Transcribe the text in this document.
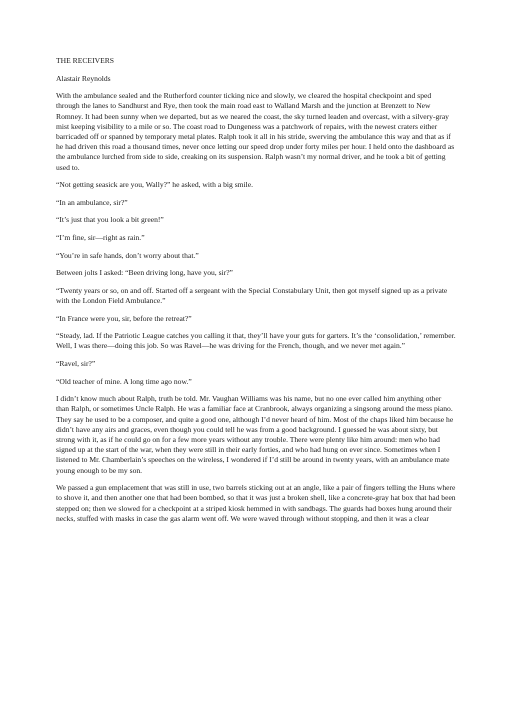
THE RECEIVERS

Alastair Reynolds

With the ambulance sealed and the Rutherford counter ticking nice and slowly, we cleared the hospital checkpoint and sped through the lanes to Sandhurst and Rye, then took the main road east to Walland Marsh and the junction at Brenzett to New Romney. It had been sunny when we departed, but as we neared the coast, the sky turned leaden and overcast, with a silvery-gray mist keeping visibility to a mile or so. The coast road to Dungeness was a patchwork of repairs, with the newest craters either barricaded off or spanned by temporary metal plates. Ralph took it all in his stride, swerving the ambulance this way and that as if he had driven this road a thousand times, never once letting our speed drop under forty miles per hour. I held onto the dashboard as the ambulance lurched from side to side, creaking on its suspension. Ralph wasn’t my normal driver, and he took a bit of getting used to.

“Not getting seasick are you, Wally?” he asked, with a big smile.

“In an ambulance, sir?”

“It’s just that you look a bit green!”

“I’m fine, sir—right as rain.”

“You’re in safe hands, don’t worry about that.”

Between jolts I asked: “Been driving long, have you, sir?”

“Twenty years or so, on and off. Started off a sergeant with the Special Constabulary Unit, then got myself signed up as a private with the London Field Ambulance.”

“In France were you, sir, before the retreat?”

“Steady, lad. If the Patriotic League catches you calling it that, they’ll have your guts for garters. It’s the ‘consolidation,’ remember. Well, I was there—doing this job. So was Ravel—he was driving for the French, though, and we never met again.”

“Ravel, sir?”

“Old teacher of mine. A long time ago now.”

I didn’t know much about Ralph, truth be told. Mr. Vaughan Williams was his name, but no one ever called him anything other than Ralph, or sometimes Uncle Ralph. He was a familiar face at Cranbrook, always organizing a singsong around the mess piano. They say he used to be a composer, and quite a good one, although I’d never heard of him. Most of the chaps liked him because he didn’t have any airs and graces, even though you could tell he was from a good background. I guessed he was about sixty, but strong with it, as if he could go on for a few more years without any trouble. There were plenty like him around: men who had signed up at the start of the war, when they were still in their early forties, and who had hung on ever since. Sometimes when I listened to Mr. Chamberlain’s speeches on the wireless, I wondered if I’d still be around in twenty years, with an ambulance mate young enough to be my son.

We passed a gun emplacement that was still in use, two barrels sticking out at an angle, like a pair of fingers telling the Huns where to shove it, and then another one that had been bombed, so that it was just a broken shell, like a concrete-gray hat box that had been stepped on; then we slowed for a checkpoint at a striped kiosk hemmed in with sandbags. The guards had boxes hung around their necks, stuffed with masks in case the gas alarm went off. We were waved through without stopping, and then it was a clear
